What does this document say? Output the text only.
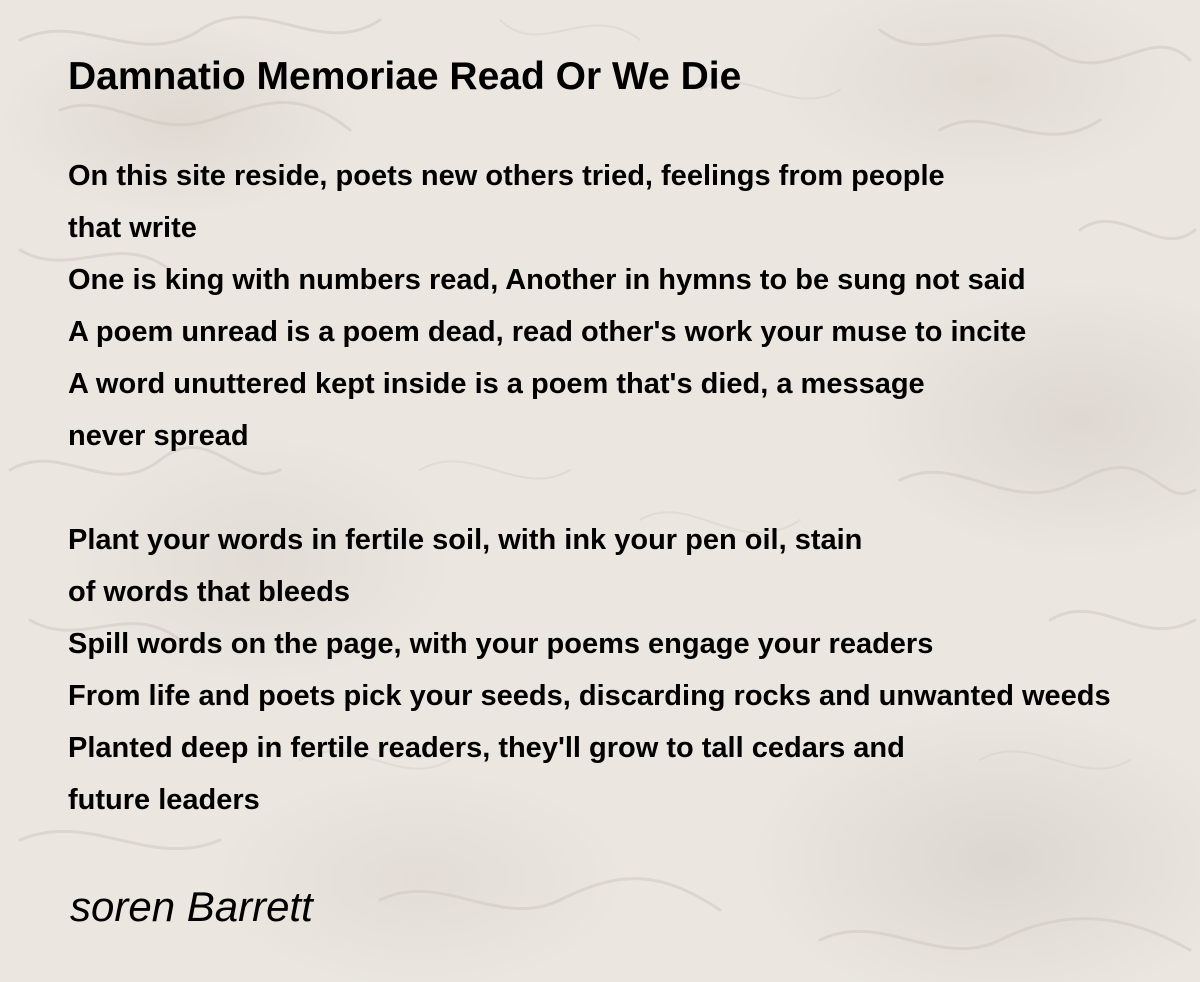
Damnatio Memoriae Read Or We Die
On this site reside, poets new others tried, feelings from people
that write
One is king with numbers read, Another in hymns to be sung not said
A poem unread is a poem dead, read other's work your muse to incite
A word unuttered kept inside is a poem that's died, a message
never spread
Plant your words in fertile soil, with ink your pen oil, stain
of words that bleeds
Spill words on the page, with your poems engage your readers
From life and poets pick your seeds, discarding rocks and unwanted weeds
Planted deep in fertile readers, they'll grow to tall cedars and
future leaders

soren Barrett
